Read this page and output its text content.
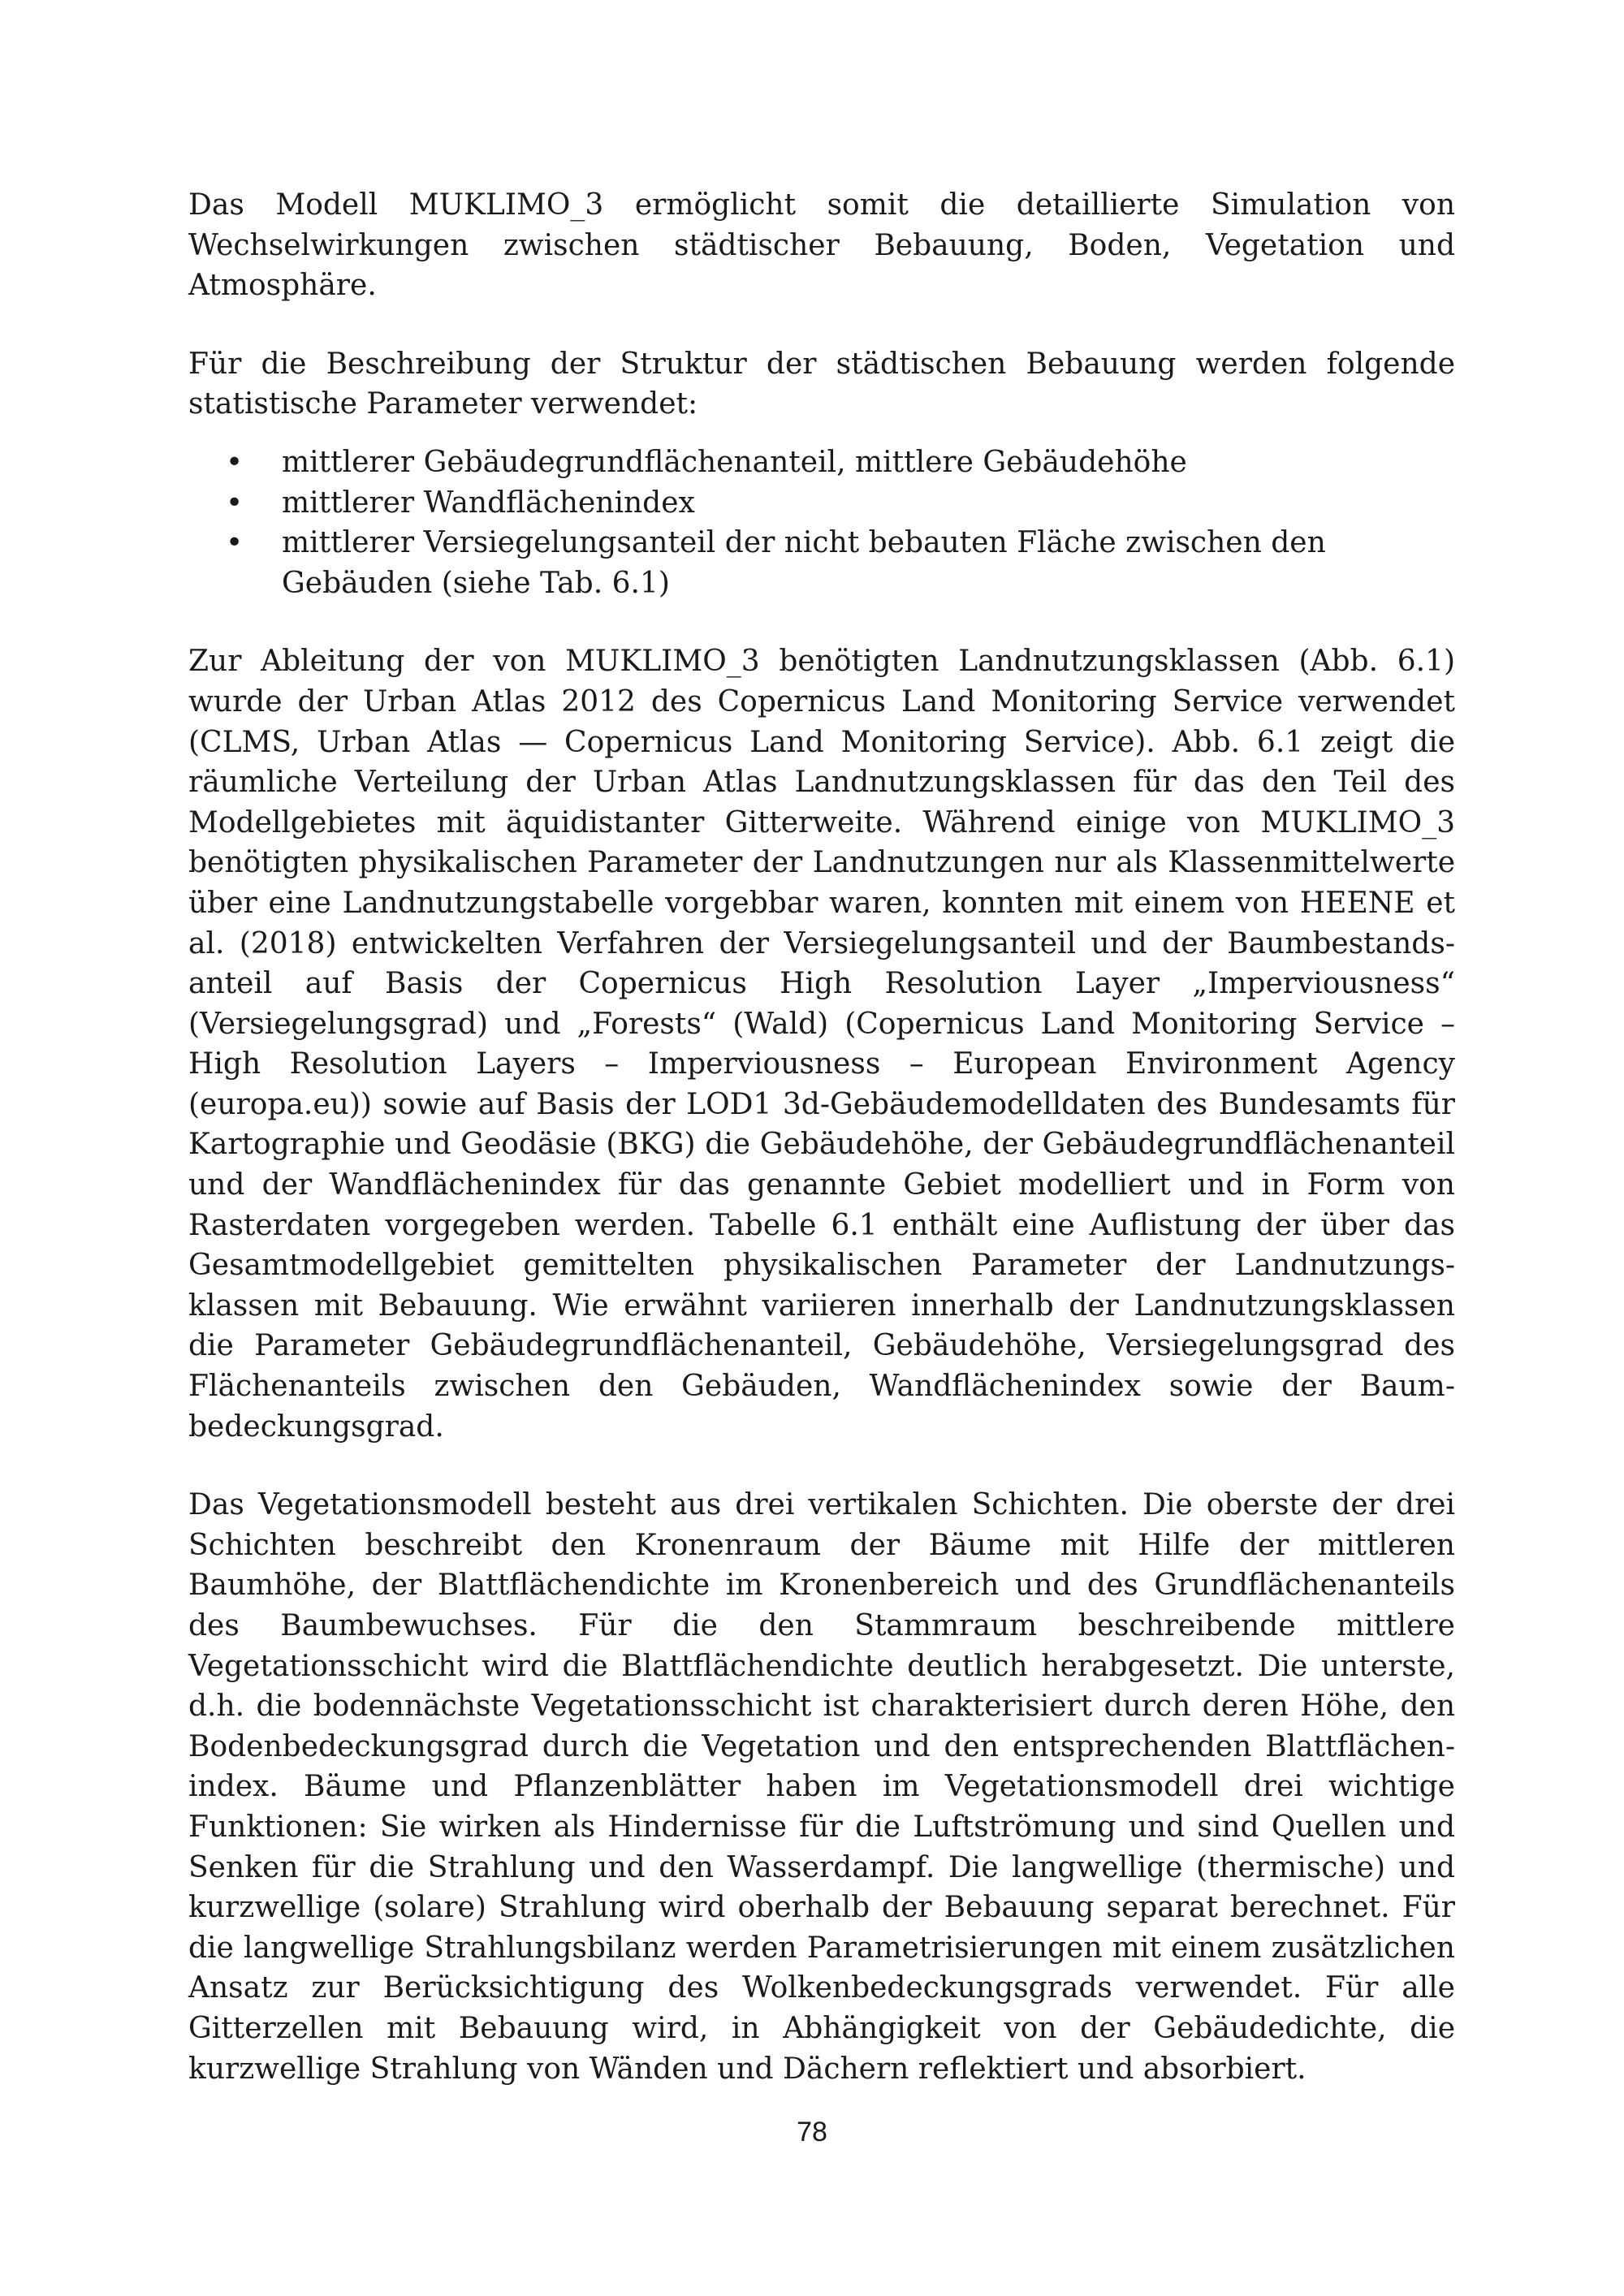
Das Modell MUKLIMO_3 ermöglicht somit die detaillierte Simulation von Wechselwirkungen zwischen städtischer Bebauung, Boden, Vegetation und Atmosphäre.

Für die Beschreibung der Struktur der städtischen Bebauung werden folgende statistische Parameter verwendet:

• mittlerer Gebäudegrundflächenanteil, mittlere Gebäudehöhe
• mittlerer Wandflächenindex
• mittlerer Versiegelungsanteil der nicht bebauten Fläche zwischen den Gebäuden (siehe Tab. 6.1)

Zur Ableitung der von MUKLIMO_3 benötigten Landnutzungsklassen (Abb. 6.1) wurde der Urban Atlas 2012 des Copernicus Land Monitoring Service verwendet (CLMS, Urban Atlas — Copernicus Land Monitoring Service). Abb. 6.1 zeigt die räumliche Verteilung der Urban Atlas Landnutzungsklassen für das den Teil des Modellgebietes mit äquidistanter Gitterweite. Während einige von MUKLIMO_3 benötigten physikalischen Parameter der Landnutzungen nur als Klassenmittelwerte über eine Landnutzungstabelle vorgebbar waren, konnten mit einem von HEENE et al. (2018) entwickelten Verfahren der Versiegelungsanteil und der Baumbestandsanteil auf Basis der Copernicus High Resolution Layer „Imperviousness“ (Versiegelungsgrad) und „Forests“ (Wald) (Copernicus Land Monitoring Service – High Resolution Layers – Imperviousness – European Environment Agency (europa.eu)) sowie auf Basis der LOD1 3d-Gebäudemodelldaten des Bundesamts für Kartographie und Geodäsie (BKG) die Gebäudehöhe, der Gebäudegrundflächenanteil und der Wandflächenindex für das genannte Gebiet modelliert und in Form von Rasterdaten vorgegeben werden. Tabelle 6.1 enthält eine Auflistung der über das Gesamtmodellgebiet gemittelten physikalischen Parameter der Landnutzungsklassen mit Bebauung. Wie erwähnt variieren innerhalb der Landnutzungsklassen die Parameter Gebäudegrundflächenanteil, Gebäudehöhe, Versiegelungsgrad des Flächenanteils zwischen den Gebäuden, Wandflächenindex sowie der Baumbedeckungsgrad.

Das Vegetationsmodell besteht aus drei vertikalen Schichten. Die oberste der drei Schichten beschreibt den Kronenraum der Bäume mit Hilfe der mittleren Baumhöhe, der Blattflächendichte im Kronenbereich und des Grundflächenanteils des Baumbewuchses. Für die den Stammraum beschreibende mittlere Vegetationsschicht wird die Blattflächendichte deutlich herabgesetzt. Die unterste, d.h. die bodennächste Vegetationsschicht ist charakterisiert durch deren Höhe, den Bodenbedeckungsgrad durch die Vegetation und den entsprechenden Blattflächenindex. Bäume und Pflanzenblätter haben im Vegetationsmodell drei wichtige Funktionen: Sie wirken als Hindernisse für die Luftströmung und sind Quellen und Senken für die Strahlung und den Wasserdampf. Die langwellige (thermische) und kurzwellige (solare) Strahlung wird oberhalb der Bebauung separat berechnet. Für die langwellige Strahlungsbilanz werden Parametrisierungen mit einem zusätzlichen Ansatz zur Berücksichtigung des Wolkenbedeckungsgrads verwendet. Für alle Gitterzellen mit Bebauung wird, in Abhängigkeit von der Gebäudedichte, die kurzwellige Strahlung von Wänden und Dächern reflektiert und absorbiert.

78
